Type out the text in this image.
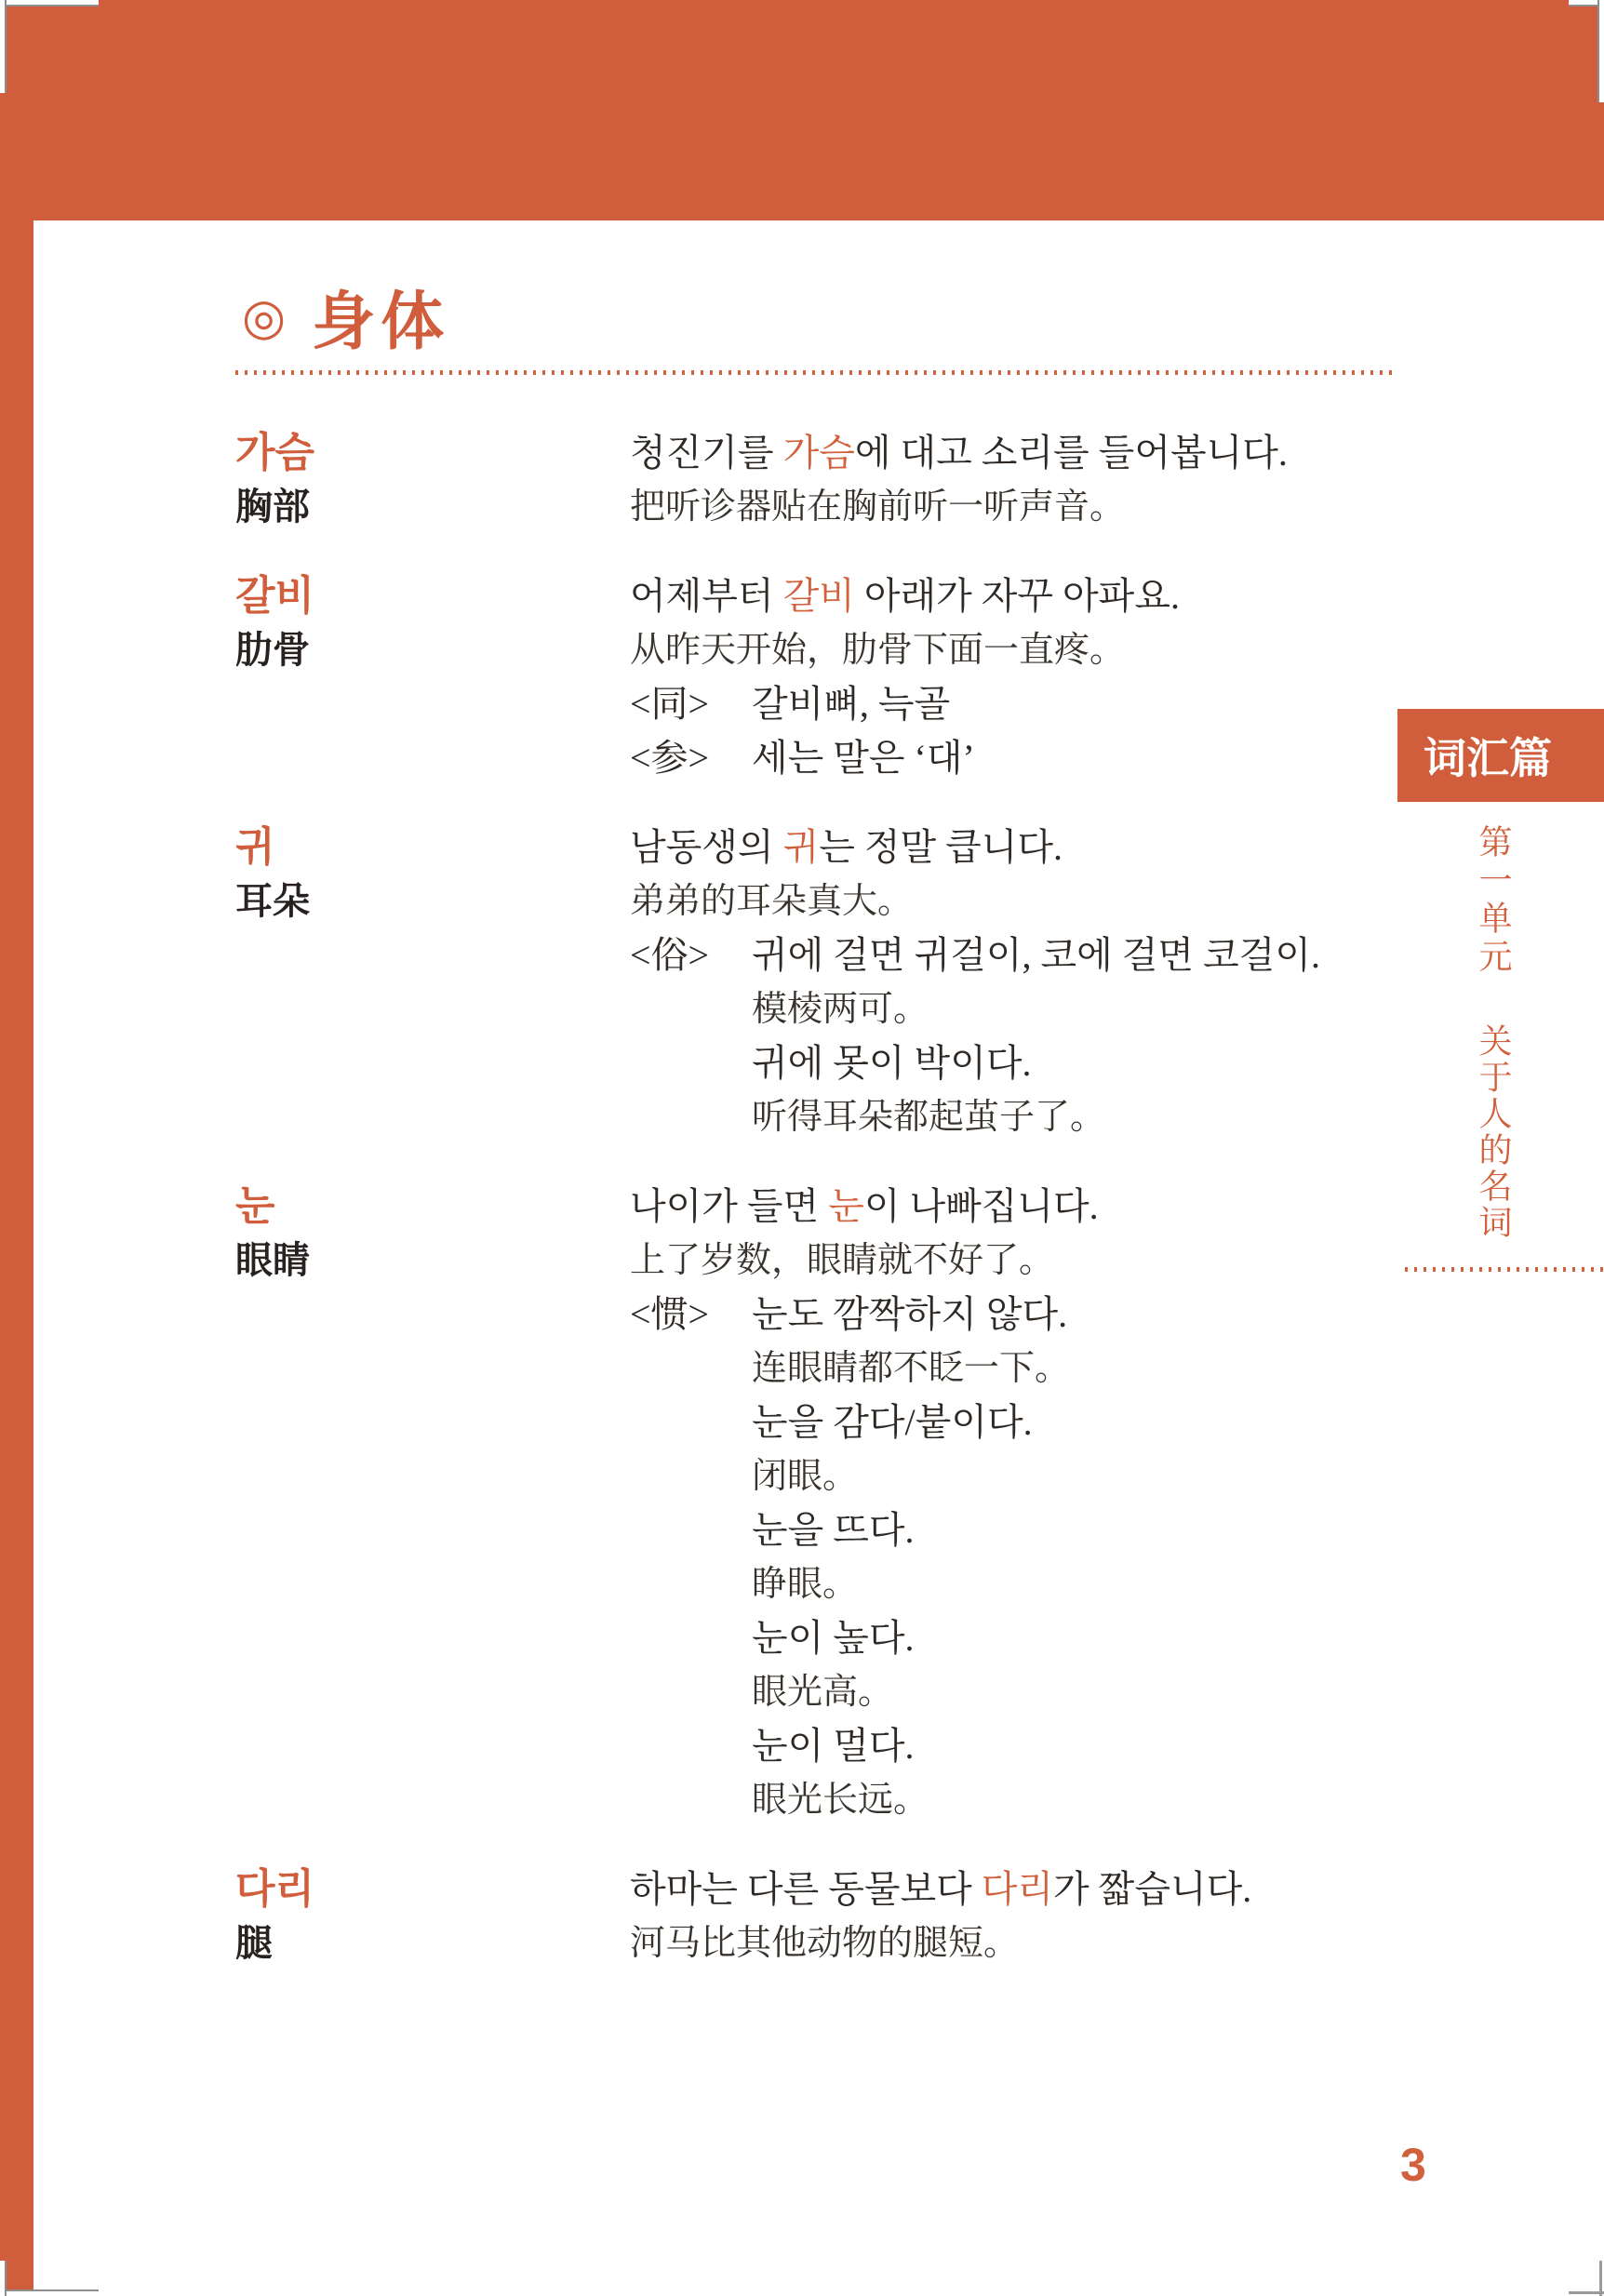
◎ 身体
가슴
胸部

청진기를 가슴에 대고 소리를 들어봅니다.

把听诊器贴在胸前听一听声音。

갈비
肋骨

어제부터 갈비 아래가 자꾸 아파요.

从昨天开始，肋骨下面一直疼。

<同> 갈비뼈, 늑골

<参> 세는 말은 ‘대’

귀
耳朵

남동생의 귀는 정말 큽니다.

弟弟的耳朵真大。

<俗> 귀에 걸면 귀걸이, 코에 걸면 코걸이.

模棱两可。

귀에 못이 박이다.

听得耳朵都起茧子了。

눈
眼睛

나이가 들면 눈이 나빠집니다.

上了岁数，眼睛就不好了。

<惯> 눈도 깜짝하지 않다.

连眼睛都不眨一下。

눈을 감다/붙이다.

闭眼。

눈을 뜨다.

睁眼。

눈이 높다.

眼光高。

눈이 멀다.

眼光长远。

다리
腿

하마는 다른 동물보다 다리가 짧습니다.

河马比其他动物的腿短。

词汇篇
第一单元
关于人的名词
3
